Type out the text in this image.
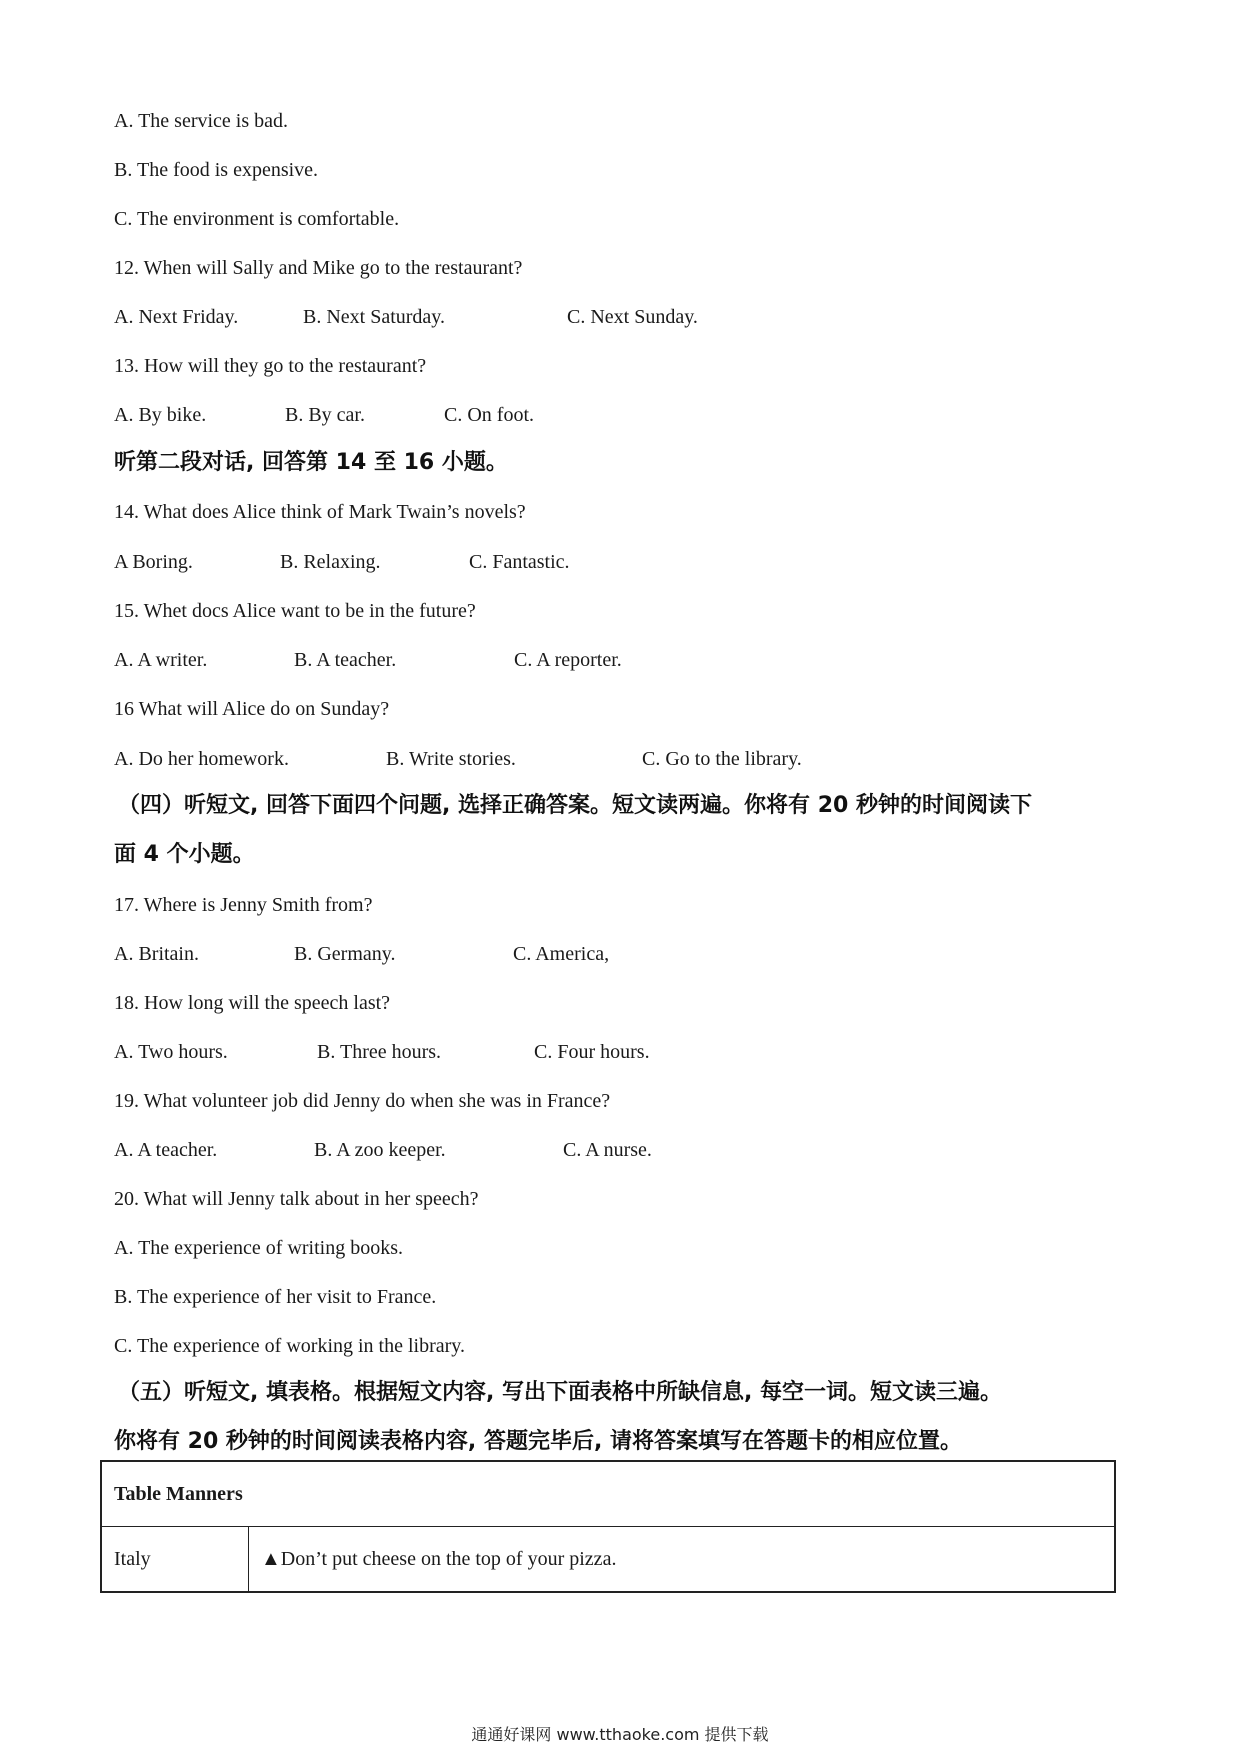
A. The service is bad.
B. The food is expensive.
C. The environment is comfortable.
12. When will Sally and Mike go to the restaurant?
A. Next Friday.	B. Next Saturday.	C. Next Sunday.
13. How will they go to the restaurant?
A. By bike.	B. By car.	C. On foot.
听第二段对话, 回答第 14 至 16 小题。
14. What does Alice think of Mark Twain’s novels?
A Boring.	B. Relaxing.	C. Fantastic.
15. Whet docs Alice want to be in the future?
A. A writer.	B. A teacher.	C. A reporter.
16 What will Alice do on Sunday?
A. Do her homework.	B. Write stories.	C. Go to the library.
（四）听短文, 回答下面四个问题, 选择正确答案。短文读两遍。你将有 20 秒钟的时间阅读下
面 4 个小题。
17. Where is Jenny Smith from?
A. Britain.	B. Germany.	C. America,
18. How long will the speech last?
A. Two hours.	B. Three hours.	C. Four hours.
19. What volunteer job did Jenny do when she was in France?
A. A teacher.	B. A zoo keeper.	C. A nurse.
20. What will Jenny talk about in her speech?
A. The experience of writing books.
B. The experience of her visit to France.
C. The experience of working in the library.
（五）听短文, 填表格。根据短文内容, 写出下面表格中所缺信息, 每空一词。短文读三遍。
你将有 20 秒钟的时间阅读表格内容, 答题完毕后, 请将答案填写在答题卡的相应位置。
Table Manners
Italy	▲Don’t put cheese on the top of your pizza.
通通好课网 www.tthaoke.com 提供下载
